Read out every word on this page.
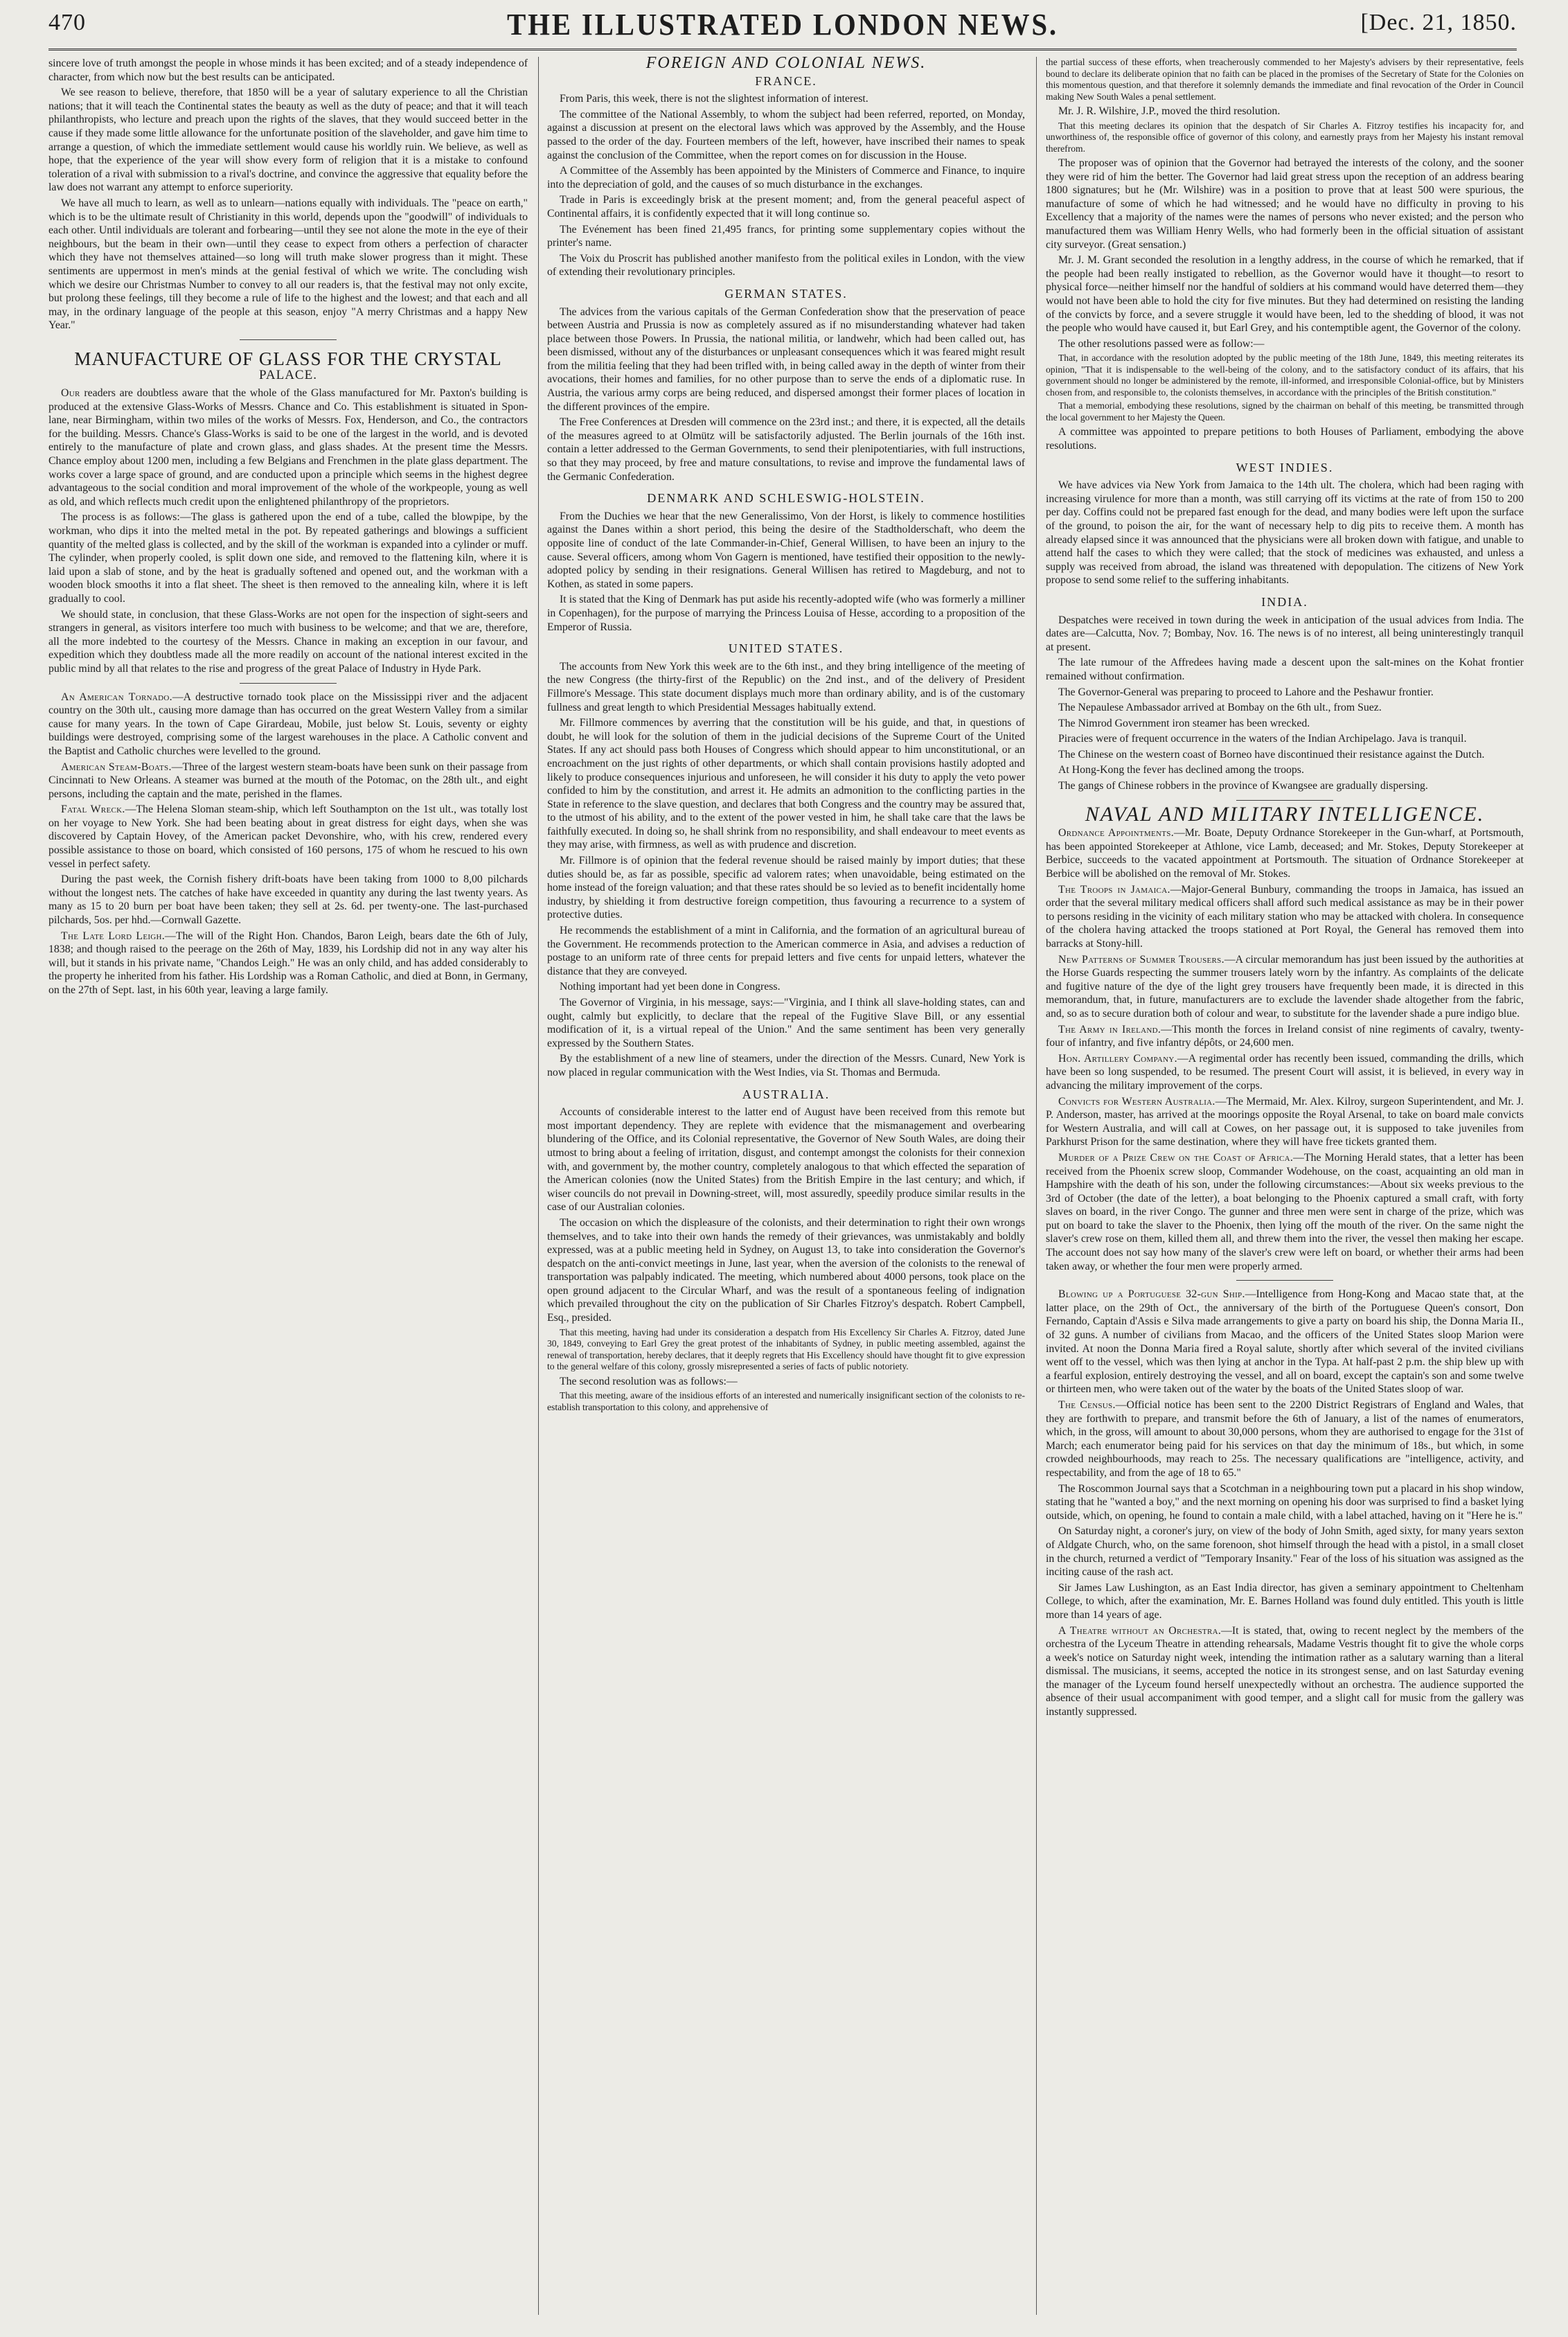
470	THE ILLUSTRATED LONDON NEWS.	[Dec. 21, 1850.

sincere love of truth amongst the people in whose minds it has been excited; and of a steady independence of character, from which now but the best results can be anticipated.

We see reason to believe, therefore, that 1850 will be a year of salutary experience to all the Christian nations; that it will teach the Continental states the beauty as well as the duty of peace; and that it will teach philanthropists, who lecture and preach upon the rights of the slaves, that they would succeed better in the cause if they made some little allowance for the unfortunate position of the slaveholder, and gave him time to arrange a question, of which the immediate settlement would cause his worldly ruin. We believe, as well as hope, that the experience of the year will show every form of religion that it is a mistake to confound toleration of a rival with submission to a rival's doctrine, and convince the aggressive that equality before the law does not warrant any attempt to enforce superiority.

We have all much to learn, as well as to unlearn—nations equally with individuals. The "peace on earth," which is to be the ultimate result of Christianity in this world, depends upon the "goodwill" of individuals to each other. Until individuals are tolerant and forbearing—until they see not alone the mote in the eye of their neighbours, but the beam in their own—until they cease to expect from others a perfection of character which they have not themselves attained—so long will truth make slower progress than it might. These sentiments are uppermost in men's minds at the genial festival of which we write. The concluding wish which we desire our Christmas Number to convey to all our readers is, that the festival may not only excite, but prolong these feelings, till they become a rule of life to the highest and the lowest; and that each and all may, in the ordinary language of the people at this season, enjoy "A merry Christmas and a happy New Year."

MANUFACTURE OF GLASS FOR THE CRYSTAL
PALACE.

Our readers are doubtless aware that the whole of the Glass manufactured for Mr. Paxton's building is produced at the extensive Glass-Works of Messrs. Chance and Co. This establishment is situated in Spon-lane, near Birmingham, within two miles of the works of Messrs. Fox, Henderson, and Co., the contractors for the building. Messrs. Chance's Glass-Works is said to be one of the largest in the world, and is devoted entirely to the manufacture of plate and crown glass, and glass shades. At the present time the Messrs. Chance employ about 1200 men, including a few Belgians and Frenchmen in the plate glass department. The works cover a large space of ground, and are conducted upon a principle which seems in the highest degree advantageous to the social condition and moral improvement of the whole of the workpeople, young as well as old, and which reflects much credit upon the enlightened philanthropy of the proprietors.

The process is as follows:—The glass is gathered upon the end of a tube, called the blowpipe, by the workman, who dips it into the melted metal in the pot. By repeated gatherings and blowings a sufficient quantity of the melted glass is collected, and by the skill of the workman is expanded into a cylinder or muff. The cylinder, when properly cooled, is split down one side, and removed to the flattening kiln, where it is laid upon a slab of stone, and by the heat is gradually softened and opened out, and the workman with a wooden block smooths it into a flat sheet. The sheet is then removed to the annealing kiln, where it is left gradually to cool.

We should state, in conclusion, that these Glass-Works are not open for the inspection of sight-seers and strangers in general, as visitors interfere too much with business to be welcome; and that we are, therefore, all the more indebted to the courtesy of the Messrs. Chance in making an exception in our favour, and expedition which they doubtless made all the more readily on account of the national interest excited in the public mind by all that relates to the rise and progress of the great Palace of Industry in Hyde Park.

An American Tornado.—A destructive tornado took place on the Mississippi river and the adjacent country on the 30th ult., causing more damage than has occurred on the great Western Valley from a similar cause for many years. In the town of Cape Girardeau, Mobile, just below St. Louis, seventy or eighty buildings were destroyed, comprising some of the largest warehouses in the place. A Catholic convent and the Baptist and Catholic churches were levelled to the ground.

American Steam-Boats.—Three of the largest western steam-boats have been sunk on their passage from Cincinnati to New Orleans. A steamer was burned at the mouth of the Potomac, on the 28th ult., and eight persons, including the captain and the mate, perished in the flames.

Fatal Wreck.—The Helena Sloman steam-ship, which left Southampton on the 1st ult., was totally lost on her voyage to New York. She had been beating about in great distress for eight days, when she was discovered by Captain Hovey, of the American packet Devonshire, who, with his crew, rendered every possible assistance to those on board, which consisted of 160 persons, 175 of whom he rescued to his own vessel in perfect safety.

During the past week, the Cornish fishery drift-boats have been taking from 1000 to 8,00 pilchards without the longest nets. The catches of hake have exceeded in quantity any during the last twenty years. As many as 15 to 20 burn per boat have been taken; they sell at 2s. 6d. per twenty-one. The last-purchased pilchards, 5os. per hhd.—Cornwall Gazette.

The Late Lord Leigh.—The will of the Right Hon. Chandos, Baron Leigh, bears date the 6th of July, 1838; and though raised to the peerage on the 26th of May, 1839, his Lordship did not in any way alter his will, but it stands in his private name, "Chandos Leigh." He was an only child, and has added considerably to the property he inherited from his father. His Lordship was a Roman Catholic, and died at Bonn, in Germany, on the 27th of Sept. last, in his 60th year, leaving a large family.

FOREIGN AND COLONIAL NEWS.
FRANCE.

From Paris, this week, there is not the slightest information of interest.

The committee of the National Assembly, to whom the subject had been referred, reported, on Monday, against a discussion at present on the electoral laws which was approved by the Assembly, and the House passed to the order of the day. Fourteen members of the left, however, have inscribed their names to speak against the conclusion of the Committee, when the report comes on for discussion in the House.

A Committee of the Assembly has been appointed by the Ministers of Commerce and Finance, to inquire into the depreciation of gold, and the causes of so much disturbance in the exchanges.

Trade in Paris is exceedingly brisk at the present moment; and, from the general peaceful aspect of Continental affairs, it is confidently expected that it will long continue so.

The Evénement has been fined 21,495 francs, for printing some supplementary copies without the printer's name.

The Voix du Proscrit has published another manifesto from the political exiles in London, with the view of extending their revolutionary principles.

GERMAN STATES.

The advices from the various capitals of the German Confederation show that the preservation of peace between Austria and Prussia is now as completely assured as if no misunderstanding whatever had taken place between those Powers. In Prussia, the national militia, or landwehr, which had been called out, has been dismissed, without any of the disturbances or unpleasant consequences which it was feared might result from the militia feeling that they had been trifled with, in being called away in the depth of winter from their avocations, their homes and families, for no other purpose than to serve the ends of a diplomatic ruse. In Austria, the various army corps are being reduced, and dispersed amongst their former places of location in the different provinces of the empire.

The Free Conferences at Dresden will commence on the 23rd inst.; and there, it is expected, all the details of the measures agreed to at Olmütz will be satisfactorily adjusted. The Berlin journals of the 16th inst. contain a letter addressed to the German Governments, to send their plenipotentiaries, with full instructions, so that they may proceed, by free and mature consultations, to revise and improve the fundamental laws of the Germanic Confederation.

DENMARK AND SCHLESWIG-HOLSTEIN.

From the Duchies we hear that the new Generalissimo, Von der Horst, is likely to commence hostilities against the Danes within a short period, this being the desire of the Stadtholderschaft, who deem the opposite line of conduct of the late Commander-in-Chief, General Willisen, to have been an injury to the cause. Several officers, among whom Von Gagern is mentioned, have testified their opposition to the newly-adopted policy by sending in their resignations. General Willisen has retired to Magdeburg, and not to Kothen, as stated in some papers.

It is stated that the King of Denmark has put aside his recently-adopted wife (who was formerly a milliner in Copenhagen), for the purpose of marrying the Princess Louisa of Hesse, according to a proposition of the Emperor of Russia.

UNITED STATES.

The accounts from New York this week are to the 6th inst., and they bring intelligence of the meeting of the new Congress (the thirty-first of the Republic) on the 2nd inst., and of the delivery of President Fillmore's Message. This state document displays much more than ordinary ability, and is of the customary fullness and great length to which Presidential Messages habitually extend.

Mr. Fillmore commences by averring that the constitution will be his guide, and that, in questions of doubt, he will look for the solution of them in the judicial decisions of the Supreme Court of the United States. If any act should pass both Houses of Congress which should appear to him unconstitutional, or an encroachment on the just rights of other departments, or which shall contain provisions hastily adopted and likely to produce consequences injurious and unforeseen, he will consider it his duty to apply the veto power confided to him by the constitution, and arrest it. He admits an admonition to the conflicting parties in the State in reference to the slave question, and declares that both Congress and the country may be assured that, to the utmost of his ability, and to the extent of the power vested in him, he shall take care that the laws be faithfully executed. In doing so, he shall shrink from no responsibility, and shall endeavour to meet events as they may arise, with firmness, as well as with prudence and discretion.

Mr. Fillmore is of opinion that the federal revenue should be raised mainly by import duties; that these duties should be, as far as possible, specific ad valorem rates; when unavoidable, being estimated on the home instead of the foreign valuation; and that these rates should be so levied as to benefit incidentally home industry, by shielding it from destructive foreign competition, thus favouring a recurrence to a system of protective duties.

He recommends the establishment of a mint in California, and the formation of an agricultural bureau of the Government. He recommends protection to the American commerce in Asia, and advises a reduction of postage to an uniform rate of three cents for prepaid letters and five cents for unpaid letters, whatever the distance that they are conveyed.

Nothing important had yet been done in Congress.

The Governor of Virginia, in his message, says:—"Virginia, and I think all slave-holding states, can and ought, calmly but explicitly, to declare that the repeal of the Fugitive Slave Bill, or any essential modification of it, is a virtual repeal of the Union." And the same sentiment has been very generally expressed by the Southern States.

By the establishment of a new line of steamers, under the direction of the Messrs. Cunard, New York is now placed in regular communication with the West Indies, via St. Thomas and Bermuda.

AUSTRALIA.

Accounts of considerable interest to the latter end of August have been received from this remote but most important dependency. They are replete with evidence that the mismanagement and overbearing blundering of the Office, and its Colonial representative, the Governor of New South Wales, are doing their utmost to bring about a feeling of irritation, disgust, and contempt amongst the colonists for their connexion with, and government by, the mother country, completely analogous to that which effected the separation of the American colonies (now the United States) from the British Empire in the last century; and which, if wiser councils do not prevail in Downing-street, will, most assuredly, speedily produce similar results in the case of our Australian colonies.

The occasion on which the displeasure of the colonists, and their determination to right their own wrongs themselves, and to take into their own hands the remedy of their grievances, was unmistakably and boldly expressed, was at a public meeting held in Sydney, on August 13, to take into consideration the Governor's despatch on the anti-convict meetings in June, last year, when the aversion of the colonists to the renewal of transportation was palpably indicated. The meeting, which numbered about 4000 persons, took place on the open ground adjacent to the Circular Wharf, and was the result of a spontaneous feeling of indignation which prevailed throughout the city on the publication of Sir Charles Fitzroy's despatch. Robert Campbell, Esq., presided.

That this meeting, having had under its consideration a despatch from His Excellency Sir Charles A. Fitzroy, dated June 30, 1849, conveying to Earl Grey the great protest of the inhabitants of Sydney, in public meeting assembled, against the renewal of transportation, hereby declares, that it deeply regrets that His Excellency should have thought fit to give expression to the general welfare of this colony, grossly misrepresented a series of facts of public notoriety.

The second resolution was as follows:—

That this meeting, aware of the insidious efforts of an interested and numerically insignificant section of the colonists to re-establish transportation to this colony, and apprehensive of

the partial success of these efforts, when treacherously commended to her Majesty's advisers by their representative, feels bound to declare its deliberate opinion that no faith can be placed in the promises of the Secretary of State for the Colonies on this momentous question, and that therefore it solemnly demands the immediate and final revocation of the Order in Council making New South Wales a penal settlement.

Mr. J. R. Wilshire, J.P., moved the third resolution.

That this meeting declares its opinion that the despatch of Sir Charles A. Fitzroy testifies his incapacity for, and unworthiness of, the responsible office of governor of this colony, and earnestly prays from her Majesty his instant removal therefrom.

The proposer was of opinion that the Governor had betrayed the interests of the colony, and the sooner they were rid of him the better. The Governor had laid great stress upon the reception of an address bearing 1800 signatures; but he (Mr. Wilshire) was in a position to prove that at least 500 were spurious, the manufacture of some of which he had witnessed; and he would have no difficulty in proving to his Excellency that a majority of the names were the names of persons who never existed; and the person who manufactured them was William Henry Wells, who had formerly been in the official situation of assistant city surveyor. (Great sensation.)

Mr. J. M. Grant seconded the resolution in a lengthy address, in the course of which he remarked, that if the people had been really instigated to rebellion, as the Governor would have it thought—to resort to physical force—neither himself nor the handful of soldiers at his command would have deterred them—they would not have been able to hold the city for five minutes. But they had determined on resisting the landing of the convicts by force, and a severe struggle it would have been, led to the shedding of blood, it was not the people who would have caused it, but Earl Grey, and his contemptible agent, the Governor of the colony.

The other resolutions passed were as follow:—

That, in accordance with the resolution adopted by the public meeting of the 18th June, 1849, this meeting reiterates its opinion, "That it is indispensable to the well-being of the colony, and to the satisfactory conduct of its affairs, that his government should no longer be administered by the remote, ill-informed, and irresponsible Colonial-office, but by Ministers chosen from, and responsible to, the colonists themselves, in accordance with the principles of the British constitution."

That a memorial, embodying these resolutions, signed by the chairman on behalf of this meeting, be transmitted through the local government to her Majesty the Queen.

A committee was appointed to prepare petitions to both Houses of Parliament, embodying the above resolutions.

WEST INDIES.

We have advices via New York from Jamaica to the 14th ult. The cholera, which had been raging with increasing virulence for more than a month, was still carrying off its victims at the rate of from 150 to 200 per day. Coffins could not be prepared fast enough for the dead, and many bodies were left upon the surface of the ground, to poison the air, for the want of necessary help to dig pits to receive them. A month has already elapsed since it was announced that the physicians were all broken down with fatigue, and unable to attend half the cases to which they were called; that the stock of medicines was exhausted, and unless a supply was received from abroad, the island was threatened with depopulation. The citizens of New York propose to send some relief to the suffering inhabitants.

INDIA.

Despatches were received in town during the week in anticipation of the usual advices from India. The dates are—Calcutta, Nov. 7; Bombay, Nov. 16. The news is of no interest, all being uninterestingly tranquil at present.

The late rumour of the Affredees having made a descent upon the salt-mines on the Kohat frontier remained without confirmation.

The Governor-General was preparing to proceed to Lahore and the Peshawur frontier.

The Nepaulese Ambassador arrived at Bombay on the 6th ult., from Suez.

The Nimrod Government iron steamer has been wrecked.

Piracies were of frequent occurrence in the waters of the Indian Archipelago. Java is tranquil.

The Chinese on the western coast of Borneo have discontinued their resistance against the Dutch.

At Hong-Kong the fever has declined among the troops.

The gangs of Chinese robbers in the province of Kwangsee are gradually dispersing.

NAVAL AND MILITARY INTELLIGENCE.

Ordnance Appointments.—Mr. Boate, Deputy Ordnance Storekeeper in the Gun-wharf, at Portsmouth, has been appointed Storekeeper at Athlone, vice Lamb, deceased; and Mr. Stokes, Deputy Storekeeper at Berbice, succeeds to the vacated appointment at Portsmouth. The situation of Ordnance Storekeeper at Berbice will be abolished on the removal of Mr. Stokes.

The Troops in Jamaica.—Major-General Bunbury, commanding the troops in Jamaica, has issued an order that the several military medical officers shall afford such medical assistance as may be in their power to persons residing in the vicinity of each military station who may be attacked with cholera. In consequence of the cholera having attacked the troops stationed at Port Royal, the General has removed them into barracks at Stony-hill.

New Patterns of Summer Trousers.—A circular memorandum has just been issued by the authorities at the Horse Guards respecting the summer trousers lately worn by the infantry. As complaints of the delicate and fugitive nature of the dye of the light grey trousers have frequently been made, it is directed in this memorandum, that, in future, manufacturers are to exclude the lavender shade altogether from the fabric, and, so as to secure duration both of colour and wear, to substitute for the lavender shade a pure indigo blue.

The Army in Ireland.—This month the forces in Ireland consist of nine regiments of cavalry, twenty-four of infantry, and five infantry dépôts, or 24,600 men.

Hon. Artillery Company.—A regimental order has recently been issued, commanding the drills, which have been so long suspended, to be resumed. The present Court will assist, it is believed, in every way in advancing the military improvement of the corps.

Convicts for Western Australia.—The Mermaid, Mr. Alex. Kilroy, surgeon Superintendent, and Mr. J. P. Anderson, master, has arrived at the moorings opposite the Royal Arsenal, to take on board male convicts for Western Australia, and will call at Cowes, on her passage out, it is supposed to take juveniles from Parkhurst Prison for the same destination, where they will have free tickets granted them.

Murder of a Prize Crew on the Coast of Africa.—The Morning Herald states, that a letter has been received from the Phoenix screw sloop, Commander Wodehouse, on the coast, acquainting an old man in Hampshire with the death of his son, under the following circumstances:—About six weeks previous to the 3rd of October (the date of the letter), a boat belonging to the Phoenix captured a small craft, with forty slaves on board, in the river Congo. The gunner and three men were sent in charge of the prize, which was put on board to take the slaver to the Phoenix, then lying off the mouth of the river. On the same night the slaver's crew rose on them, killed them all, and threw them into the river, the vessel then making her escape. The account does not say how many of the slaver's crew were left on board, or whether their arms had been taken away, or whether the four men were properly armed.

Blowing up a Portuguese 32-gun Ship.—Intelligence from Hong-Kong and Macao state that, at the latter place, on the 29th of Oct., the anniversary of the birth of the Portuguese Queen's consort, Don Fernando, Captain d'Assis e Silva made arrangements to give a party on board his ship, the Donna Maria II., of 32 guns. A number of civilians from Macao, and the officers of the United States sloop Marion were invited. At noon the Donna Maria fired a Royal salute, shortly after which several of the invited civilians went off to the vessel, which was then lying at anchor in the Typa. At half-past 2 p.m. the ship blew up with a fearful explosion, entirely destroying the vessel, and all on board, except the captain's son and some twelve or thirteen men, who were taken out of the water by the boats of the United States sloop of war.

The Census.—Official notice has been sent to the 2200 District Registrars of England and Wales, that they are forthwith to prepare, and transmit before the 6th of January, a list of the names of enumerators, which, in the gross, will amount to about 30,000 persons, whom they are authorised to engage for the 31st of March; each enumerator being paid for his services on that day the minimum of 18s., but which, in some crowded neighbourhoods, may reach to 25s. The necessary qualifications are "intelligence, activity, and respectability, and from the age of 18 to 65."

The Roscommon Journal says that a Scotchman in a neighbouring town put a placard in his shop window, stating that he "wanted a boy," and the next morning on opening his door was surprised to find a basket lying outside, which, on opening, he found to contain a male child, with a label attached, having on it "Here he is."

On Saturday night, a coroner's jury, on view of the body of John Smith, aged sixty, for many years sexton of Aldgate Church, who, on the same forenoon, shot himself through the head with a pistol, in a small closet in the church, returned a verdict of "Temporary Insanity." Fear of the loss of his situation was assigned as the inciting cause of the rash act.

Sir James Law Lushington, as an East India director, has given a seminary appointment to Cheltenham College, to which, after the examination, Mr. E. Barnes Holland was found duly entitled. This youth is little more than 14 years of age.

A Theatre without an Orchestra.—It is stated, that, owing to recent neglect by the members of the orchestra of the Lyceum Theatre in attending rehearsals, Madame Vestris thought fit to give the whole corps a week's notice on Saturday night week, intending the intimation rather as a salutary warning than a literal dismissal. The musicians, it seems, accepted the notice in its strongest sense, and on last Saturday evening the manager of the Lyceum found herself unexpectedly without an orchestra. The audience supported the absence of their usual accompaniment with good temper, and a slight call for music from the gallery was instantly suppressed.
